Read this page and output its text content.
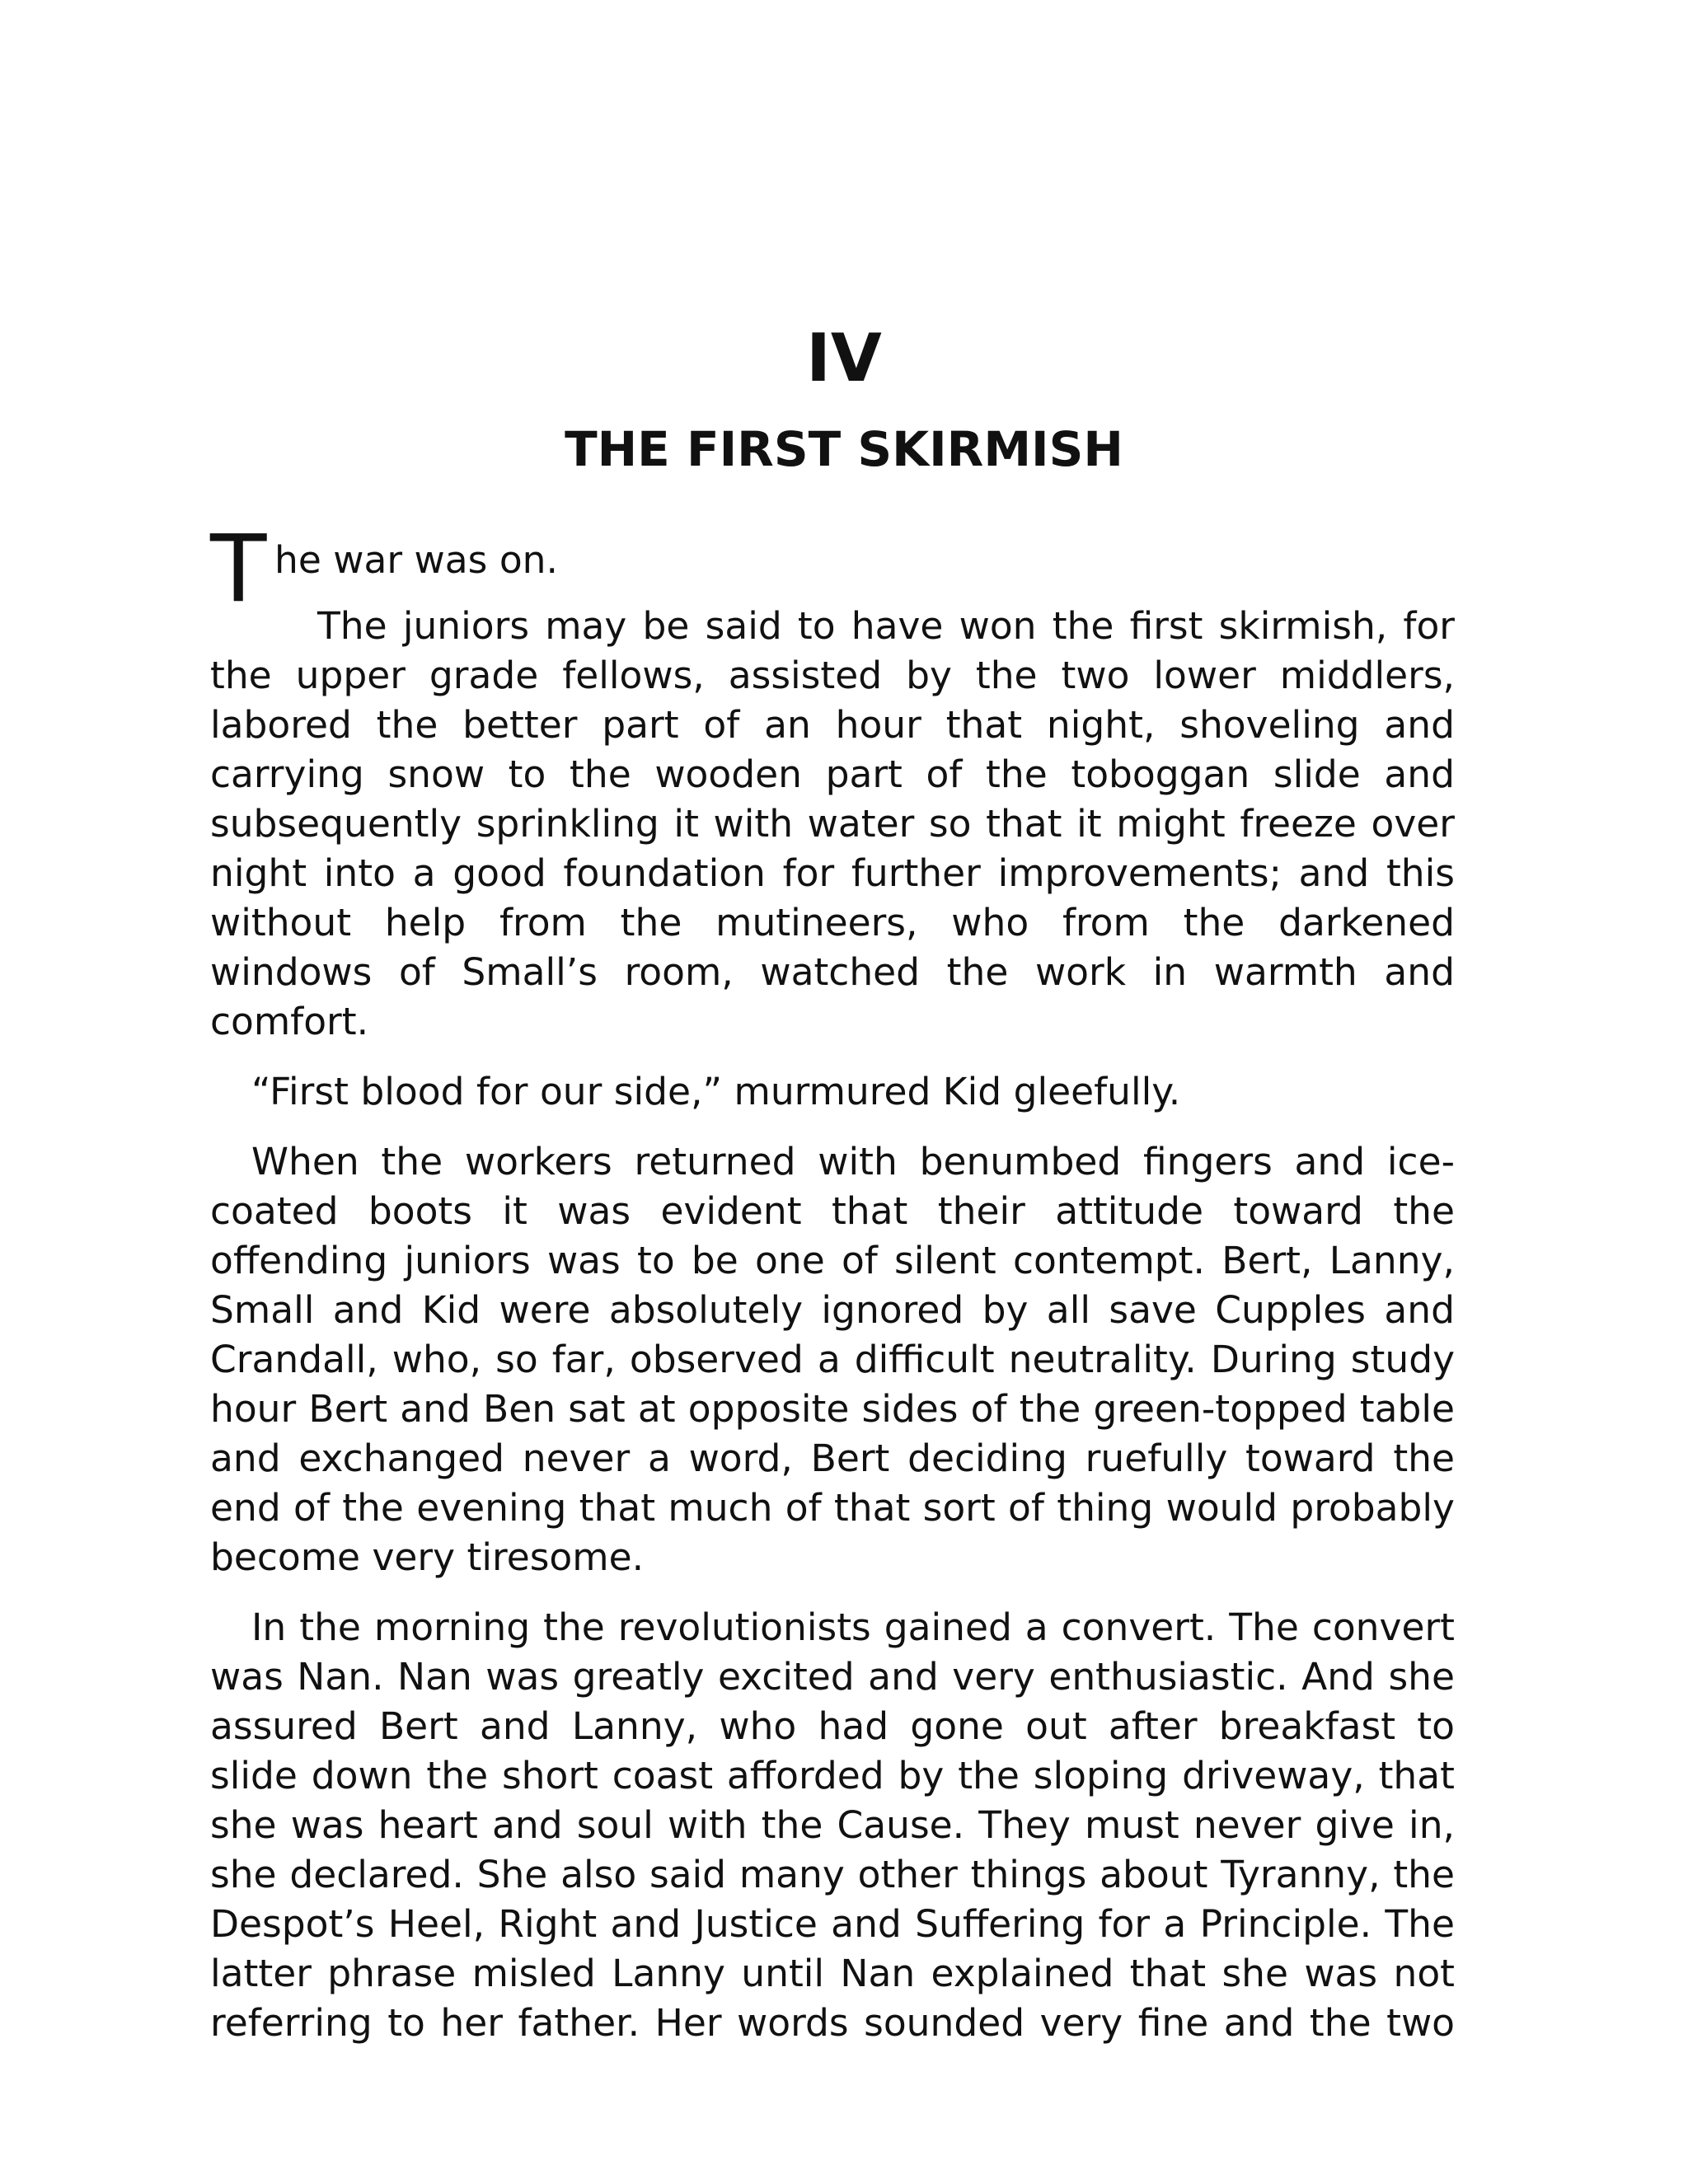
IV
THE FIRST SKIRMISH
T he war was on.

The juniors may be said to have won the first skirmish, for the upper grade fellows, assisted by the two lower middlers, labored the better part of an hour that night, shoveling and carrying snow to the wooden part of the toboggan slide and subsequently sprinkling it with water so that it might freeze over night into a good foundation for further improvements; and this without help from the mutineers, who from the darkened windows of Small’s room, watched the work in warmth and comfort.

“First blood for our side,” murmured Kid gleefully.

When the workers returned with benumbed fingers and ice-coated boots it was evident that their attitude toward the offending juniors was to be one of silent contempt. Bert, Lanny, Small and Kid were absolutely ignored by all save Cupples and Crandall, who, so far, observed a difficult neutrality. During study hour Bert and Ben sat at opposite sides of the green-topped table and exchanged never a word, Bert deciding ruefully toward the end of the evening that much of that sort of thing would probably become very tiresome.

In the morning the revolutionists gained a convert. The convert was Nan. Nan was greatly excited and very enthusiastic. And she assured Bert and Lanny, who had gone out after breakfast to slide down the short coast afforded by the sloping driveway, that she was heart and soul with the Cause. They must never give in, she declared. She also said many other things about Tyranny, the Despot’s Heel, Right and Justice and Suffering for a Principle. The latter phrase misled Lanny until Nan explained that she was not referring to her father. Her words sounded very fine and the two
